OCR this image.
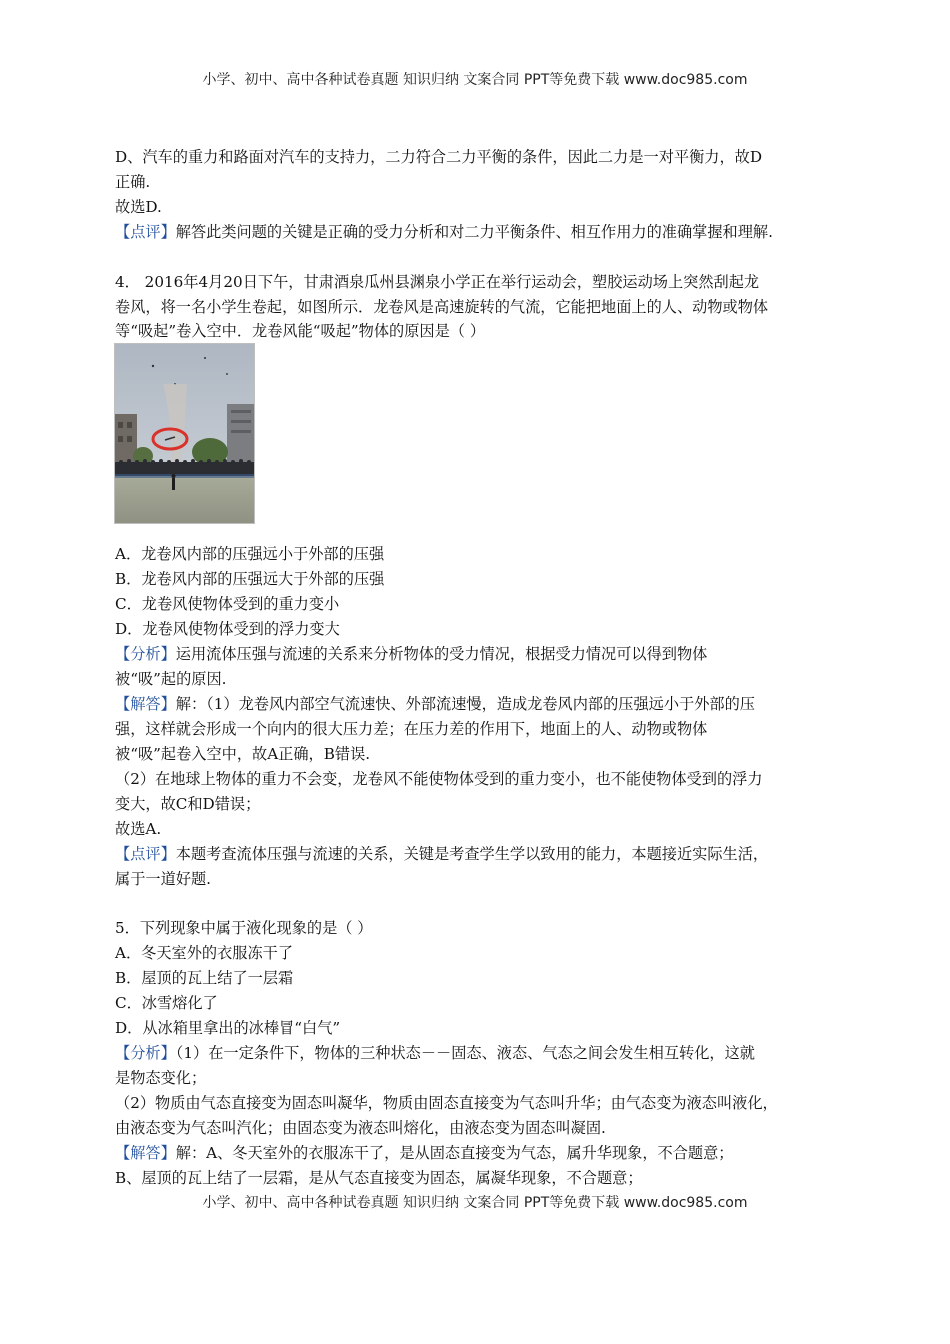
小学、初中、高中各种试卷真题 知识归纳 文案合同 PPT等免费下载 www.doc985.com
D、汽车的重力和路面对汽车的支持力，二力符合二力平衡的条件，因此二力是一对平衡力，故D
正确.
故选D.
【点评】解答此类问题的关键是正确的受力分析和对二力平衡条件、相互作用力的准确掌握和理解.
4． 2016年4月20日下午，甘肃酒泉瓜州县渊泉小学正在举行运动会，塑胶运动场上突然刮起龙
卷风，将一名小学生卷起，如图所示．龙卷风是高速旋转的气流，它能把地面上的人、动物或物体
等“吸起”卷入空中．龙卷风能“吸起”物体的原因是（ ）
A．龙卷风内部的压强远小于外部的压强
B．龙卷风内部的压强远大于外部的压强
C．龙卷风使物体受到的重力变小
D．龙卷风使物体受到的浮力变大
【分析】运用流体压强与流速的关系来分析物体的受力情况，根据受力情况可以得到物体
被“吸”起的原因.
【解答】解：（1）龙卷风内部空气流速快、外部流速慢，造成龙卷风内部的压强远小于外部的压
强，这样就会形成一个向内的很大压力差；在压力差的作用下，地面上的人、动物或物体
被“吸”起卷入空中，故A正确，B错误.
（2）在地球上物体的重力不会变，龙卷风不能使物体受到的重力变小，也不能使物体受到的浮力
变大，故C和D错误；
故选A.
【点评】本题考查流体压强与流速的关系，关键是考查学生学以致用的能力，本题接近实际生活，
属于一道好题.
5．下列现象中属于液化现象的是（ ）
A．冬天室外的衣服冻干了
B．屋顶的瓦上结了一层霜
C．冰雪熔化了
D．从冰箱里拿出的冰棒冒“白气”
【分析】（1）在一定条件下，物体的三种状态－－固态、液态、气态之间会发生相互转化，这就
是物态变化；
（2）物质由气态直接变为固态叫凝华，物质由固态直接变为气态叫升华；由气态变为液态叫液化，
由液态变为气态叫汽化；由固态变为液态叫熔化，由液态变为固态叫凝固.
【解答】解：A、冬天室外的衣服冻干了，是从固态直接变为气态，属升华现象，不合题意；
B、屋顶的瓦上结了一层霜，是从气态直接变为固态，属凝华现象，不合题意；
小学、初中、高中各种试卷真题 知识归纳 文案合同 PPT等免费下载 www.doc985.com
